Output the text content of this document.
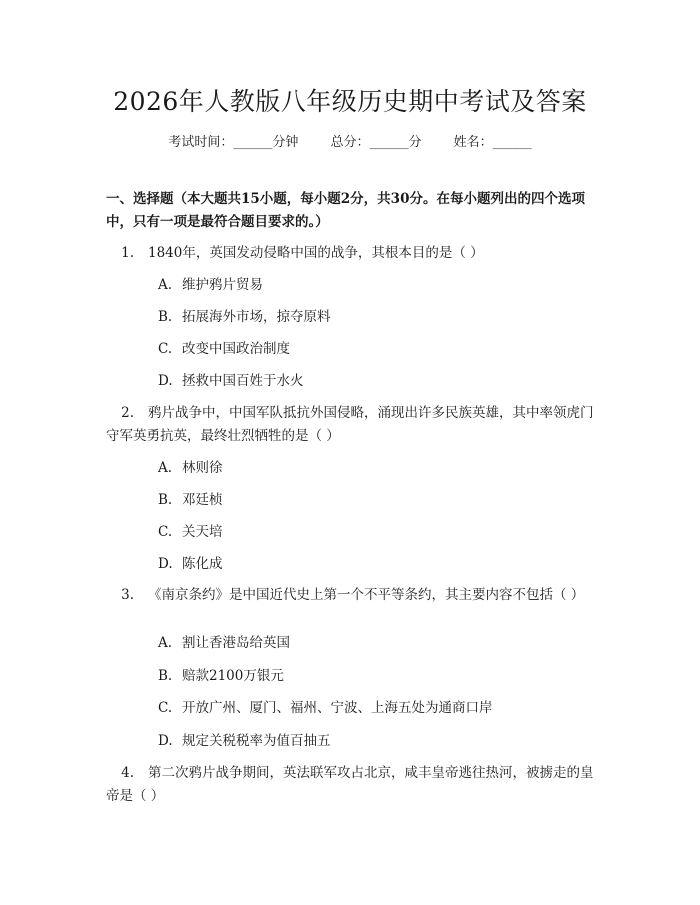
2026年人教版八年级历史期中考试及答案
考试时间：______分钟 总分：______分 姓名：______
一、选择题（本大题共15小题，每小题2分，共30分。在每小题列出的四个选项中，只有一项是最符合题目要求的。）
1. 1840年，英国发动侵略中国的战争，其根本目的是（ ）
A. 维护鸦片贸易
B. 拓展海外市场，掠夺原料
C. 改变中国政治制度
D. 拯救中国百姓于水火
2. 鸦片战争中，中国军队抵抗外国侵略，涌现出许多民族英雄，其中率领虎门守军英勇抗英，最终壮烈牺牲的是（ ）
A. 林则徐
B. 邓廷桢
C. 关天培
D. 陈化成
3. 《南京条约》是中国近代史上第一个不平等条约，其主要内容不包括（ ）
A. 割让香港岛给英国
B. 赔款2100万银元
C. 开放广州、厦门、福州、宁波、上海五处为通商口岸
D. 规定关税税率为值百抽五
4. 第二次鸦片战争期间，英法联军攻占北京，咸丰皇帝逃往热河，被掳走的皇帝是（ ）
